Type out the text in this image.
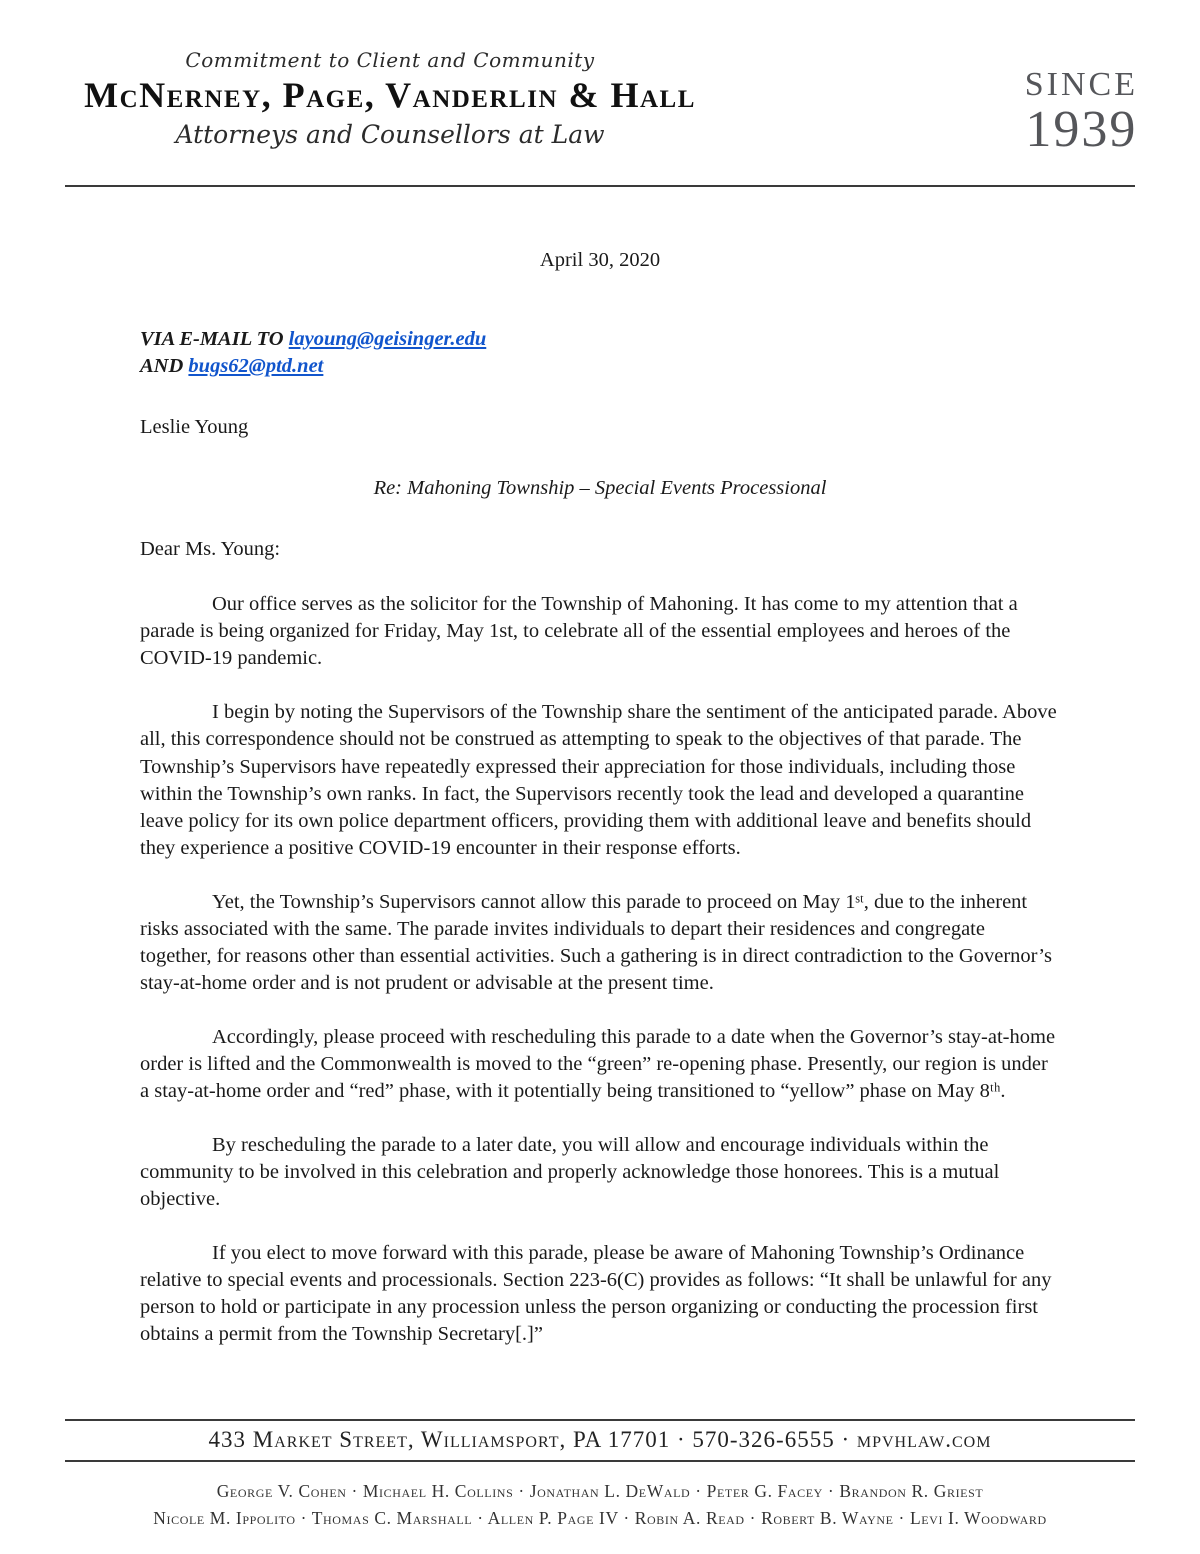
Commitment to Client and Community
McNerney, Page, Vanderlin & Hall
Attorneys and Counsellors at Law
SINCE
1939
April 30, 2020

VIA E-MAIL TO layoung@geisinger.edu

AND bugs62@ptd.net

Leslie Young
Re: Mahoning Township – Special Events Processional
Dear Ms. Young:

Our office serves as the solicitor for the Township of Mahoning. It has come to my attention that a parade is being organized for Friday, May 1st, to celebrate all of the essential employees and heroes of the COVID-19 pandemic.

I begin by noting the Supervisors of the Township share the sentiment of the anticipated parade. Above all, this correspondence should not be construed as attempting to speak to the objectives of that parade. The Township’s Supervisors have repeatedly expressed their appreciation for those individuals, including those within the Township’s own ranks. In fact, the Supervisors recently took the lead and developed a quarantine leave policy for its own police department officers, providing them with additional leave and benefits should they experience a positive COVID-19 encounter in their response efforts.

Yet, the Township’s Supervisors cannot allow this parade to proceed on May 1ˢᵗ, due to the inherent risks associated with the same. The parade invites individuals to depart their residences and congregate together, for reasons other than essential activities. Such a gathering is in direct contradiction to the Governor’s stay-at-home order and is not prudent or advisable at the present time.

Accordingly, please proceed with rescheduling this parade to a date when the Governor’s stay-at-home order is lifted and the Commonwealth is moved to the “green” re-opening phase. Presently, our region is under a stay-at-home order and “red” phase, with it potentially being transitioned to “yellow” phase on May 8ᵗʰ.

By rescheduling the parade to a later date, you will allow and encourage individuals within the community to be involved in this celebration and properly acknowledge those honorees. This is a mutual objective.

If you elect to move forward with this parade, please be aware of Mahoning Township’s Ordinance relative to special events and processionals. Section 223-6(C) provides as follows: “It shall be unlawful for any person to hold or participate in any procession unless the person organizing or conducting the procession first obtains a permit from the Township Secretary[.]”

433 Market Street, Williamsport, PA 17701 · 570-326-6555 · mpvhlaw.com
George V. Cohen · Michael H. Collins · Jonathan L. DeWald · Peter G. Facey · Brandon R. Griest
Nicole M. Ippolito · Thomas C. Marshall · Allen P. Page IV · Robin A. Read · Robert B. Wayne · Levi I. Woodward
